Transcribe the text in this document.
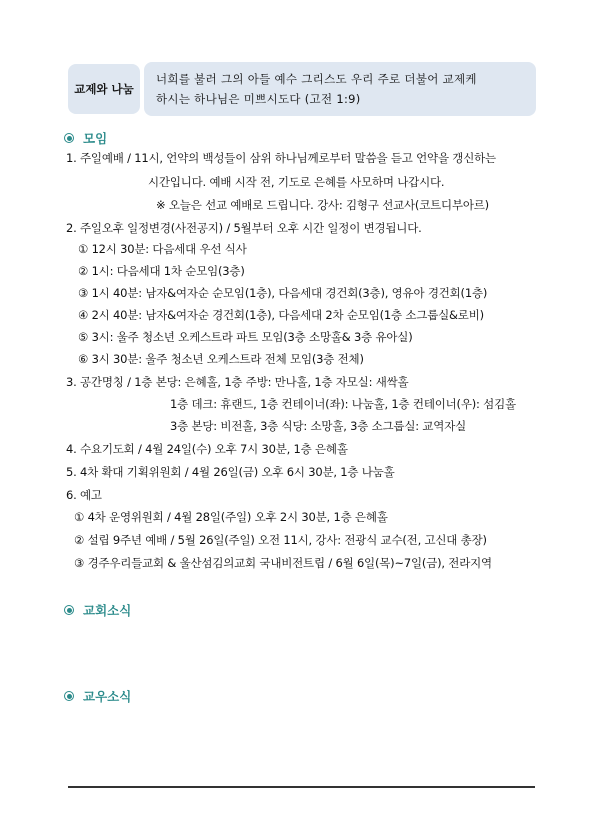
교제와 나눔
너희를 불러 그의 아들 예수 그리스도 우리 주로 더불어 교제케
하시는 하나님은 미쁘시도다 (고전 1:9)
모임
1. 주일예배 / 11시, 언약의 백성들이 삼위 하나님께로부터 말씀을 듣고 언약을 갱신하는
시간입니다. 예배 시작 전, 기도로 은혜를 사모하며 나갑시다.
※ 오늘은 선교 예배로 드립니다. 강사: 김형구 선교사(코트디부아르)
2. 주일오후 일정변경(사전공지) / 5월부터 오후 시간 일정이 변경됩니다.
① 12시 30분: 다음세대 우선 식사
② 1시: 다음세대 1차 순모임(3층)
③ 1시 40분: 남자&여자순 순모임(1층), 다음세대 경건회(3층), 영유아 경건회(1층)
④ 2시 40분: 남자&여자순 경건회(1층), 다음세대 2차 순모임(1층 소그룹실&로비)
⑤ 3시: 울주 청소년 오케스트라 파트 모임(3층 소망홀& 3층 유아실)
⑥ 3시 30분: 울주 청소년 오케스트라 전체 모임(3층 전체)
3. 공간명칭 / 1층 본당: 은혜홀, 1층 주방: 만나홀, 1층 자모실: 새싹홀
1층 데크: 휴랜드, 1층 컨테이너(좌): 나눔홀, 1층 컨테이너(우): 섬김홀
3층 본당: 비전홀, 3층 식당: 소망홀, 3층 소그룹실: 교역자실
4. 수요기도회 / 4월 24일(수) 오후 7시 30분, 1층 은혜홀
5. 4차 확대 기획위원회 / 4월 26일(금) 오후 6시 30분, 1층 나눔홀
6. 예고
① 4차 운영위원회 / 4월 28일(주일) 오후 2시 30분, 1층 은혜홀
② 설립 9주년 예배 / 5월 26일(주일) 오전 11시, 강사: 전광식 교수(전, 고신대 총장)
③ 경주우리들교회 & 울산섬김의교회 국내비전트립 / 6월 6일(목)~7일(금), 전라지역
교회소식
교우소식
